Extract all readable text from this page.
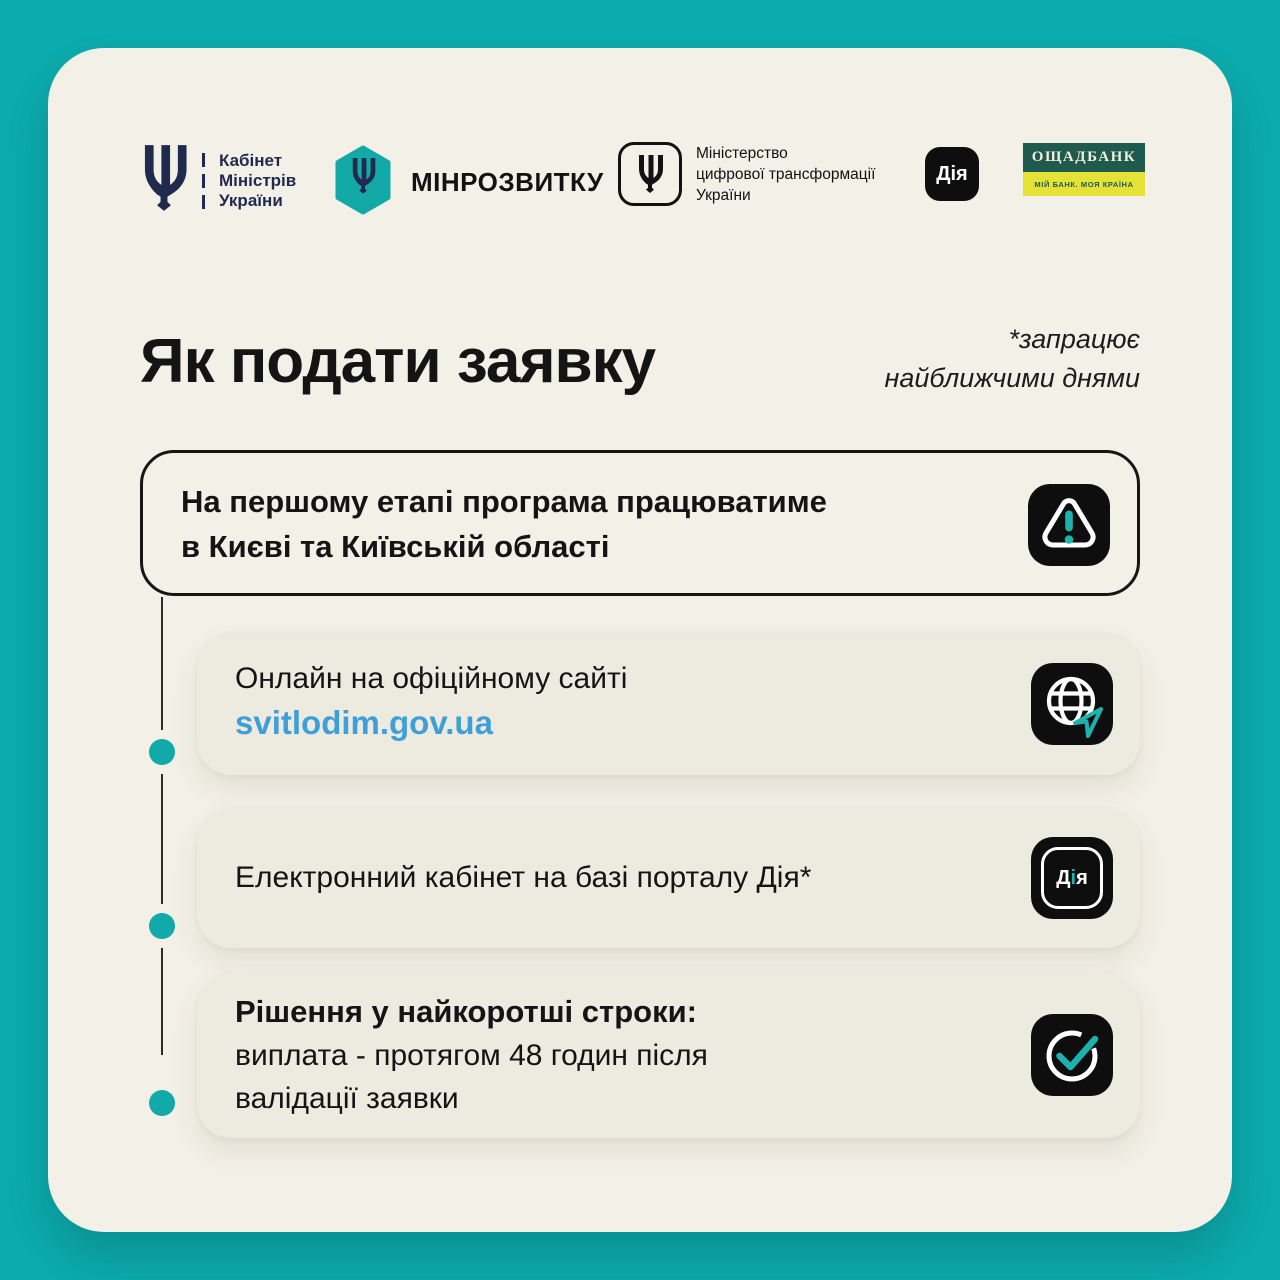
Кабінет
Міністрів
України
МІНРОЗВИТКУ
Міністерство
цифрової трансформації
України
Дія
ОЩАДБАНК
МІЙ БАНК. МОЯ КРАЇНА
Як подати заявку	*запрацює
найближчими днями
На першому етапі програма працюватиме
в Києві та Київській області
Онлайн на офіційному сайті
svitlodim.gov.ua
Електронний кабінет на базі порталу Дія*	Д і я
Рішення у найкоротші строки:
виплата - протягом 48 годин після
валідації заявки
